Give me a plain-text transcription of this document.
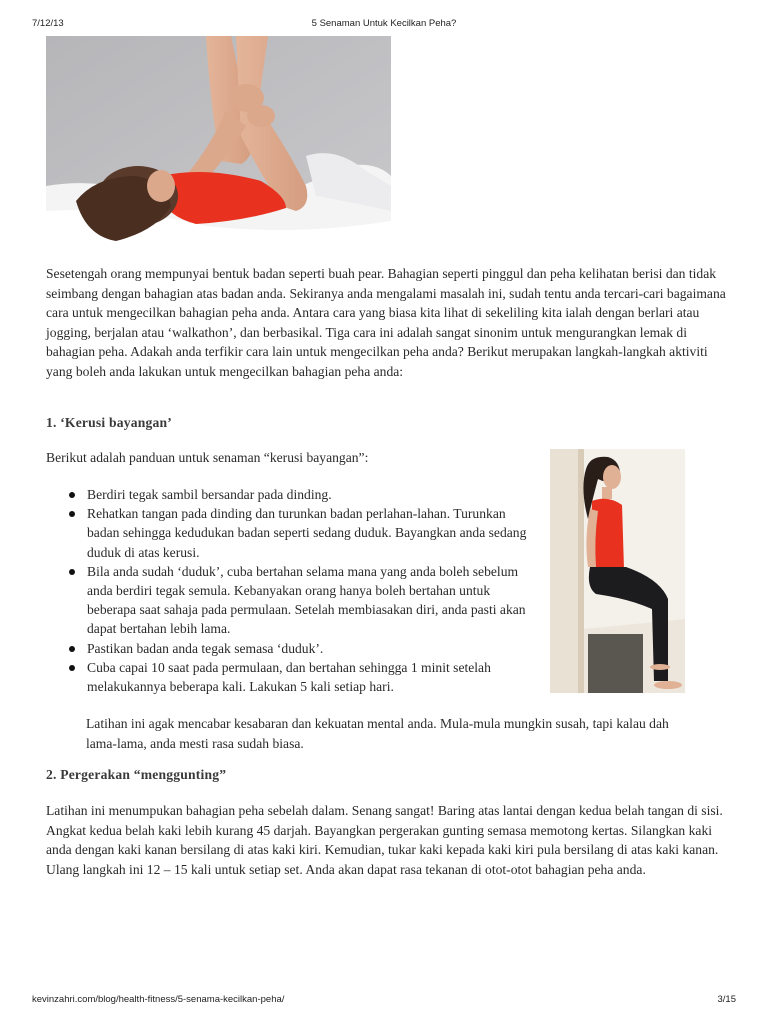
7/12/13	5 Senaman Untuk Kecilkan Peha?

Sesetengah orang mempunyai bentuk badan seperti buah pear. Bahagian seperti pinggul dan peha kelihatan berisi dan tidak seimbang dengan bahagian atas badan anda. Sekiranya anda mengalami masalah ini, sudah tentu anda tercari-cari bagaimana cara untuk mengecilkan bahagian peha anda. Antara cara yang biasa kita lihat di sekeliling kita ialah dengan berlari atau jogging, berjalan atau ‘walkathon’, dan berbasikal. Tiga cara ini adalah sangat sinonim untuk mengurangkan lemak di bahagian peha. Adakah anda terfikir cara lain untuk mengecilkan peha anda? Berikut merupakan langkah-langkah aktiviti yang boleh anda lakukan untuk mengecilkan bahagian peha anda:

1. ‘Kerusi bayangan’
Berikut adalah panduan untuk senaman “kerusi bayangan”:
Berdiri tegak sambil bersandar pada dinding.
Rehatkan tangan pada dinding dan turunkan badan perlahan-lahan. Turunkan badan sehingga kedudukan badan seperti sedang duduk. Bayangkan anda sedang duduk di atas kerusi.
Bila anda sudah ‘duduk’, cuba bertahan selama mana yang anda boleh sebelum anda berdiri tegak semula. Kebanyakan orang hanya boleh bertahan untuk beberapa saat sahaja pada permulaan. Setelah membiasakan diri, anda pasti akan dapat bertahan lebih lama.
Pastikan badan anda tegak semasa ‘duduk’.
Cuba capai 10 saat pada permulaan, dan bertahan sehingga 1 minit setelah melakukannya beberapa kali. Lakukan 5 kali setiap hari.
Latihan ini agak mencabar kesabaran dan kekuatan mental anda. Mula-mula mungkin susah, tapi kalau dah lama-lama, anda mesti rasa sudah biasa.
2. Pergerakan “menggunting”
Latihan ini menumpukan bahagian peha sebelah dalam. Senang sangat! Baring atas lantai dengan kedua belah tangan di sisi. Angkat kedua belah kaki lebih kurang 45 darjah. Bayangkan pergerakan gunting semasa memotong kertas. Silangkan kaki anda dengan kaki kanan bersilang di atas kaki kiri. Kemudian, tukar kaki kepada kaki kiri pula bersilang di atas kaki kanan. Ulang langkah ini 12 – 15 kali untuk setiap set. Anda akan dapat rasa tekanan di otot-otot bahagian peha anda.
kevinzahri.com/blog/health-fitness/5-senama-kecilkan-peha/	3/15
